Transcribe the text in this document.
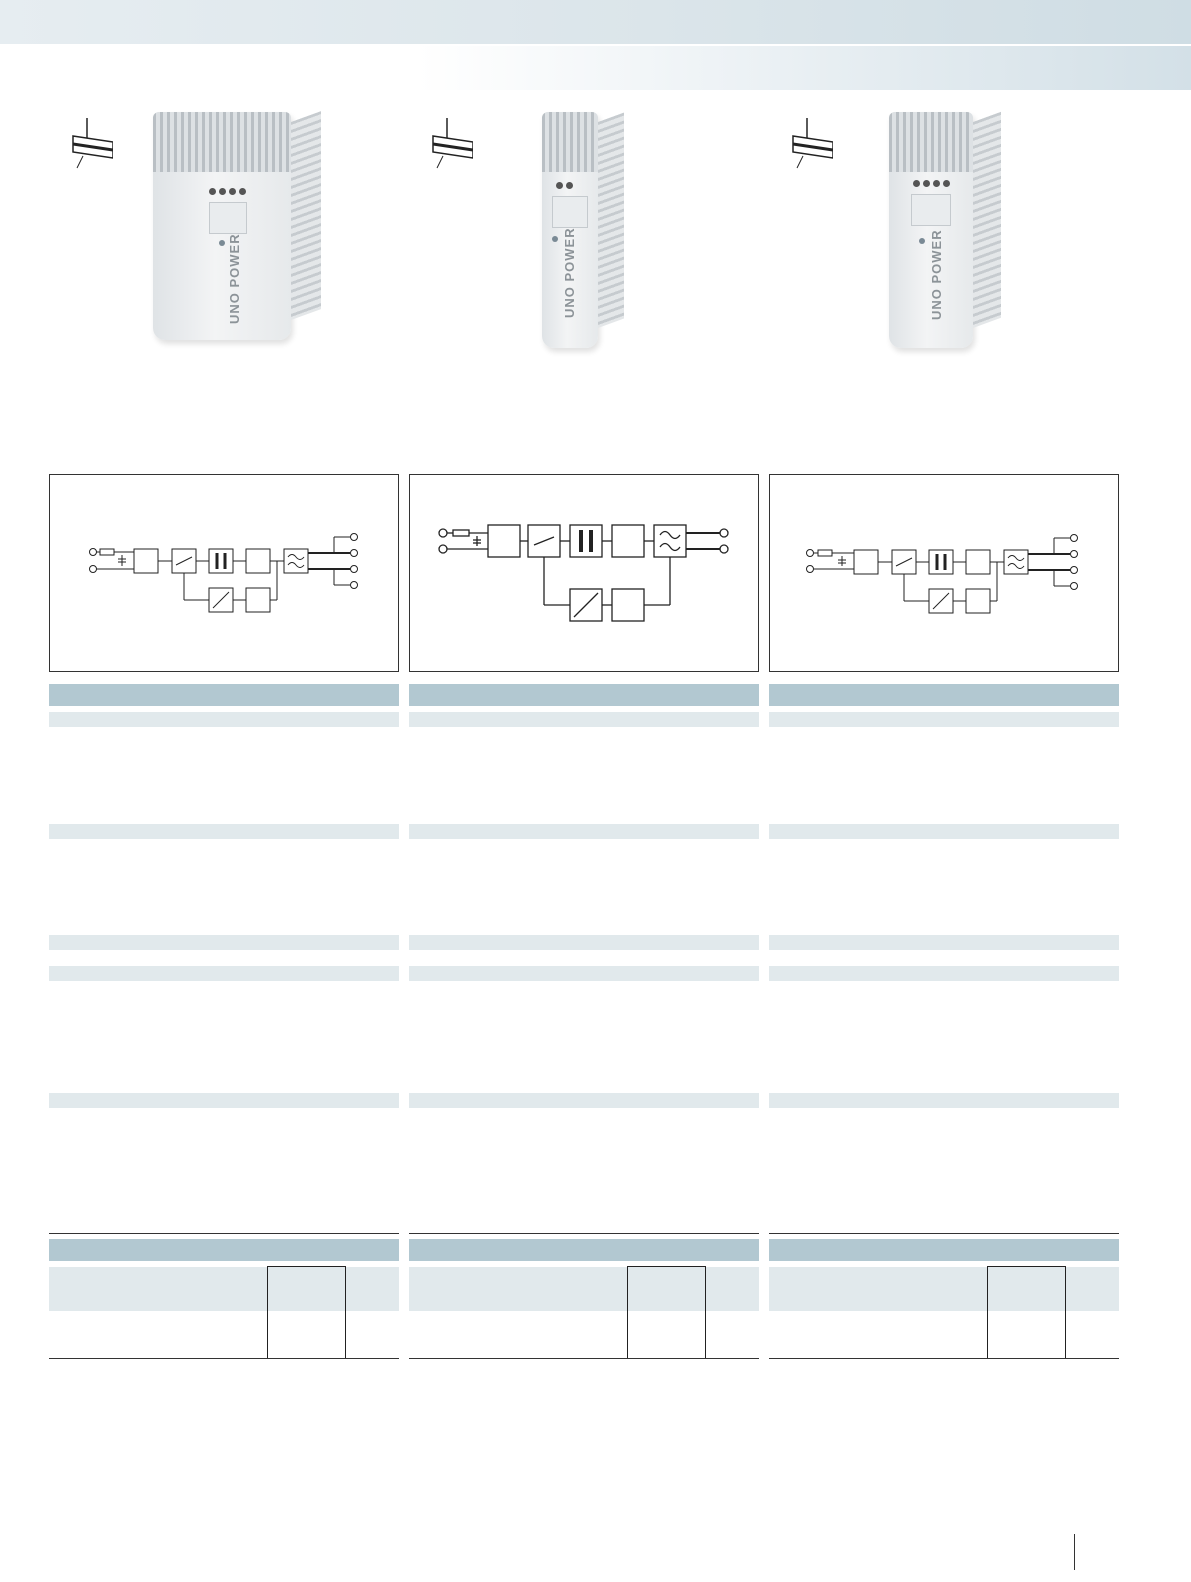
UNO POWER	UNO POWER	UNO POWER
